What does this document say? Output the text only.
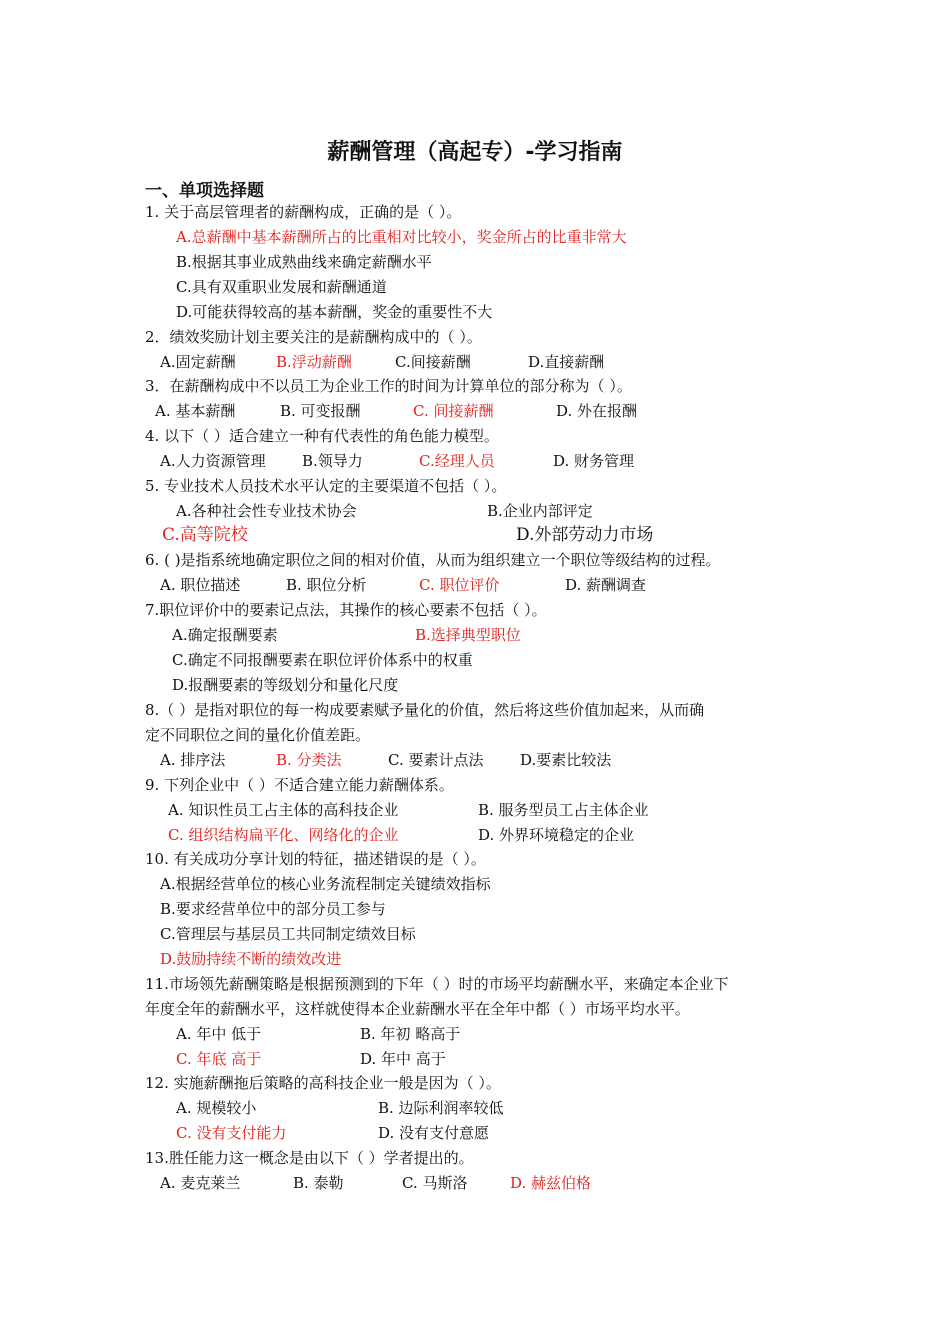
薪酬管理（高起专）-学习指南
一、单项选择题
1. 关于高层管理者的薪酬构成，正确的是（ ）。
A.总薪酬中基本薪酬所占的比重相对比较小，奖金所占的比重非常大
B.根据其事业成熟曲线来确定薪酬水平
C.具有双重职业发展和薪酬通道
D.可能获得较高的基本薪酬，奖金的重要性不大
2．绩效奖励计划主要关注的是薪酬构成中的（ ）。
A.固定薪酬	B.浮动薪酬	C.间接薪酬	D.直接薪酬
3．在薪酬构成中不以员工为企业工作的时间为计算单位的部分称为（ ）。
A. 基本薪酬	B. 可变报酬	C. 间接薪酬	D. 外在报酬
4. 以下（ ）适合建立一种有代表性的角色能力模型。
A.人力资源管理 B.领导力	C.经理人员	D. 财务管理
5. 专业技术人员技术水平认定的主要渠道不包括（ ）。
A.各种社会性专业技术协会	B.企业内部评定
C.高等院校	D.外部劳动力市场
6. ( )是指系统地确定职位之间的相对价值，从而为组织建立一个职位等级结构的过程。
A. 职位描述	B. 职位分析	C. 职位评价	D. 薪酬调查
7.职位评价中的要素记点法，其操作的核心要素不包括（ ）。
A.确定报酬要素	B.选择典型职位
C.确定不同报酬要素在职位评价体系中的权重
D.报酬要素的等级划分和量化尺度
8.（ ）是指对职位的每一构成要素赋予量化的价值，然后将这些价值加起来，从而确
定不同职位之间的量化价值差距。
A. 排序法	B. 分类法	C. 要素计点法 D.要素比较法
9. 下列企业中（ ）不适合建立能力薪酬体系。
A. 知识性员工占主体的高科技企业	B. 服务型员工占主体企业
C. 组织结构扁平化、网络化的企业	D. 外界环境稳定的企业
10. 有关成功分享计划的特征，描述错误的是（ ）。
A.根据经营单位的核心业务流程制定关键绩效指标
B.要求经营单位中的部分员工参与
C.管理层与基层员工共同制定绩效目标
D.鼓励持续不断的绩效改进
11.市场领先薪酬策略是根据预测到的下年（ ）时的市场平均薪酬水平，来确定本企业下
年度全年的薪酬水平，这样就使得本企业薪酬水平在全年中都（ ）市场平均水平。
A. 年中 低于	B. 年初 略高于
C. 年底 高于	D. 年中 高于
12. 实施薪酬拖后策略的高科技企业一般是因为（ ）。
A. 规模较小	B. 边际利润率较低
C. 没有支付能力	D. 没有支付意愿
13.胜任能力这一概念是由以下（ ）学者提出的。
A. 麦克莱兰	B. 泰勒	C. 马斯洛	D. 赫兹伯格
